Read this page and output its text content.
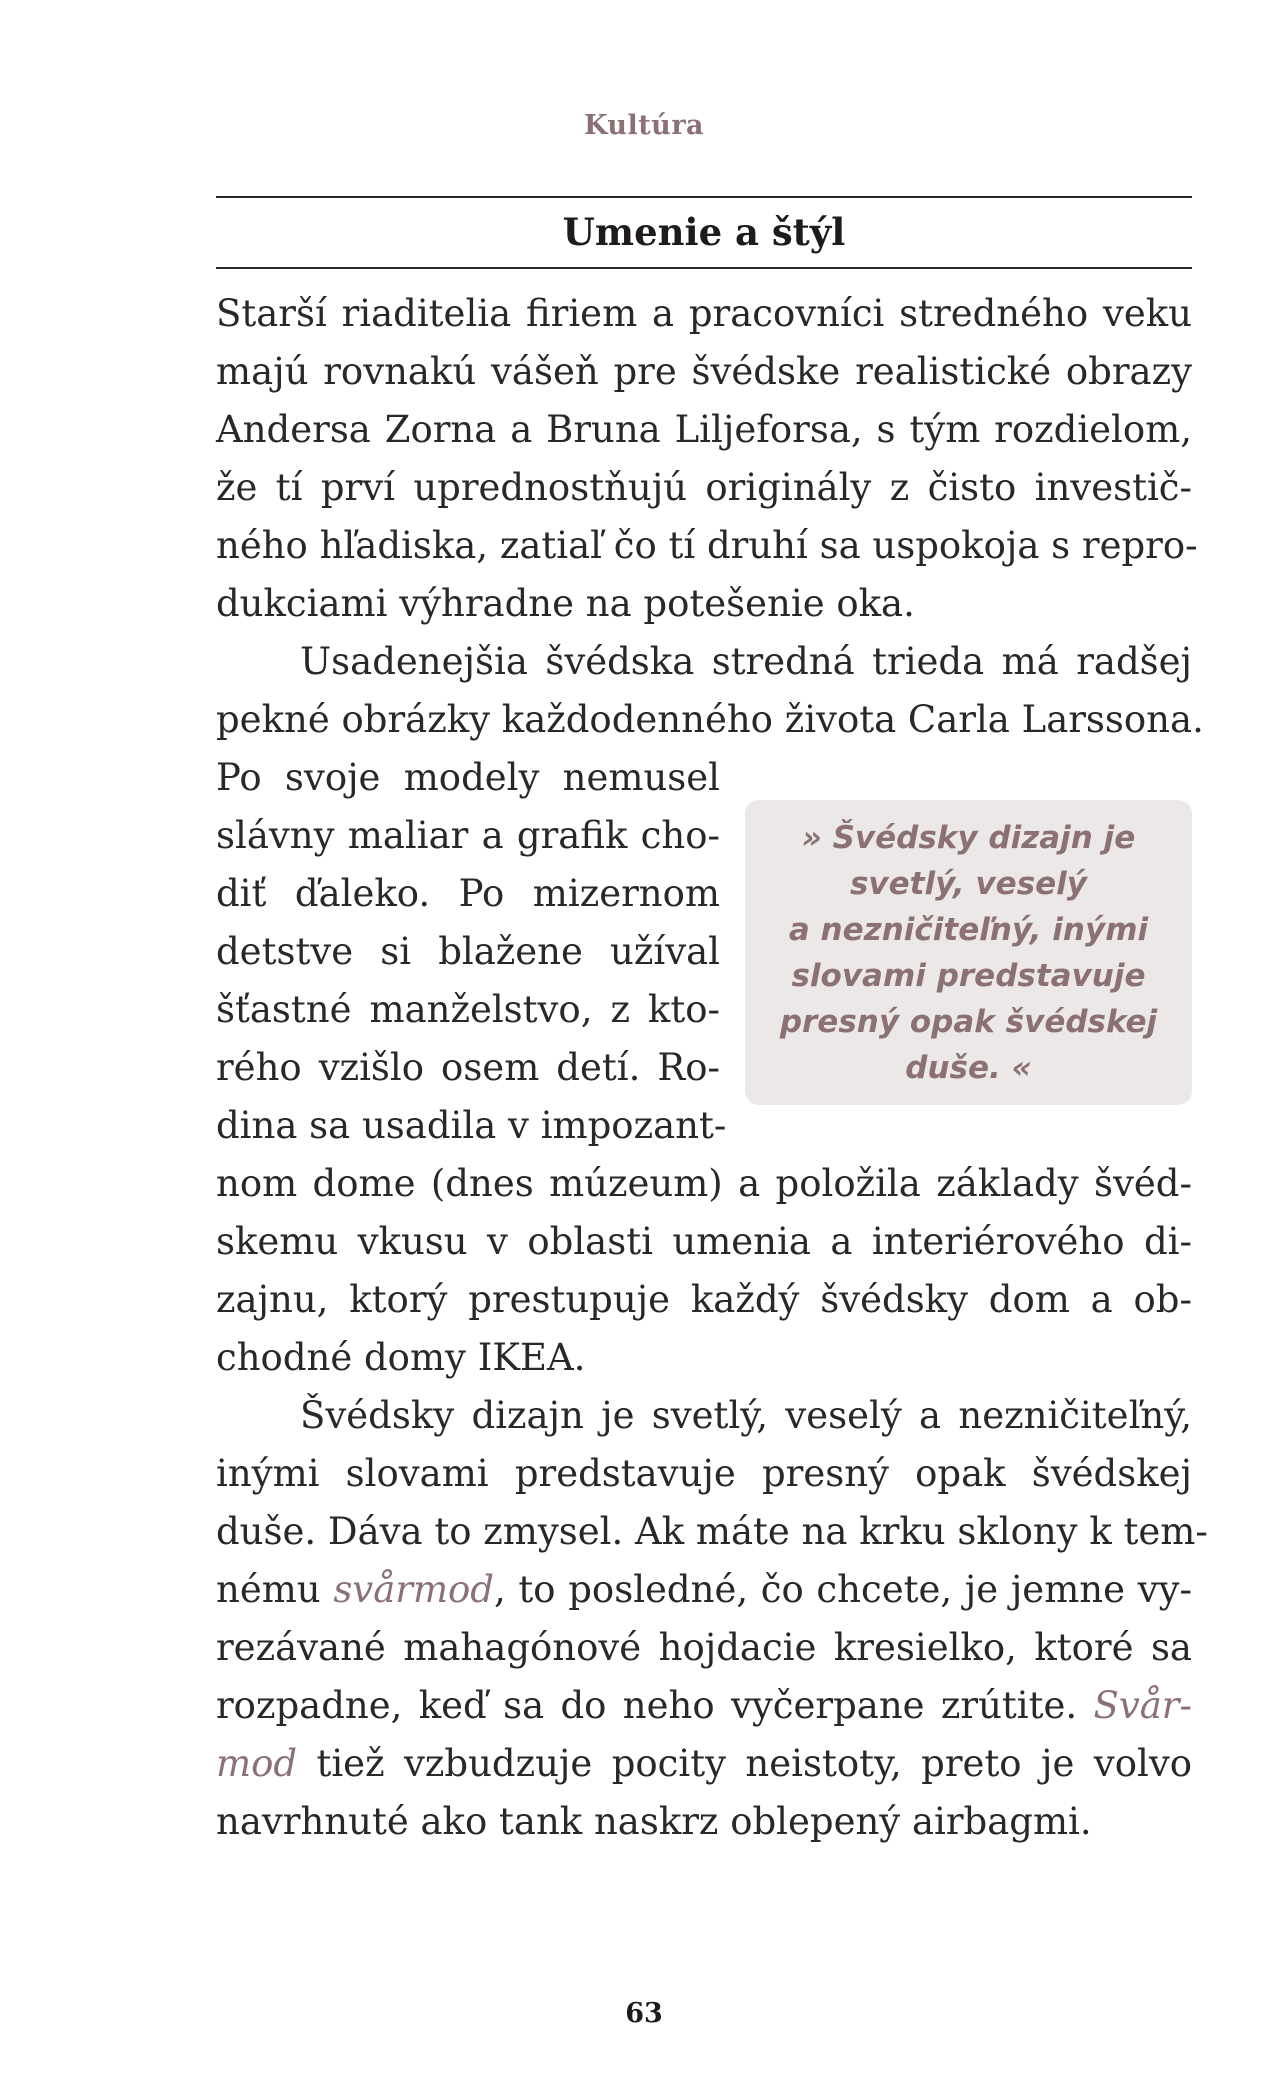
Kultúra
Umenie a štýl
Starší riaditelia firiem a pracovníci stredného veku
majú rovnakú vášeň pre švédske realistické obrazy
Andersa Zorna a Bruna Liljeforsa, s tým rozdielom,
že tí prví uprednostňujú originály z čisto investič-
ného hľadiska, zatiaľ čo tí druhí sa uspokoja s repro-
dukciami výhradne na potešenie oka.
Usadenejšia švédska stredná trieda má radšej
pekné obrázky každodenného života Carla Larssona.
Po svoje modely nemusel
slávny maliar a grafik cho-
diť ďaleko. Po mizernom
detstve si blažene užíval
šťastné manželstvo, z kto-
rého vzišlo osem detí. Ro-
dina sa usadila v impozant-
» Švédsky dizajn je
svetlý, veselý
a nezničiteľný, inými
slovami predstavuje
presný opak švédskej
duše. «
nom dome (dnes múzeum) a položila základy švéd-
skemu vkusu v oblasti umenia a interiérového di-
zajnu, ktorý prestupuje každý švédsky dom a ob-
chodné domy IKEA.
Švédsky dizajn je svetlý, veselý a nezničiteľný,
inými slovami predstavuje presný opak švédskej
duše. Dáva to zmysel. Ak máte na krku sklony k tem-
nému svårmod, to posledné, čo chcete, je jemne vy-
rezávané mahagónové hojdacie kresielko, ktoré sa
rozpadne, keď sa do neho vyčerpane zrútite. Svår-
mod tiež vzbudzuje pocity neistoty, preto je volvo
navrhnuté ako tank naskrz oblepený airbagmi.
63
